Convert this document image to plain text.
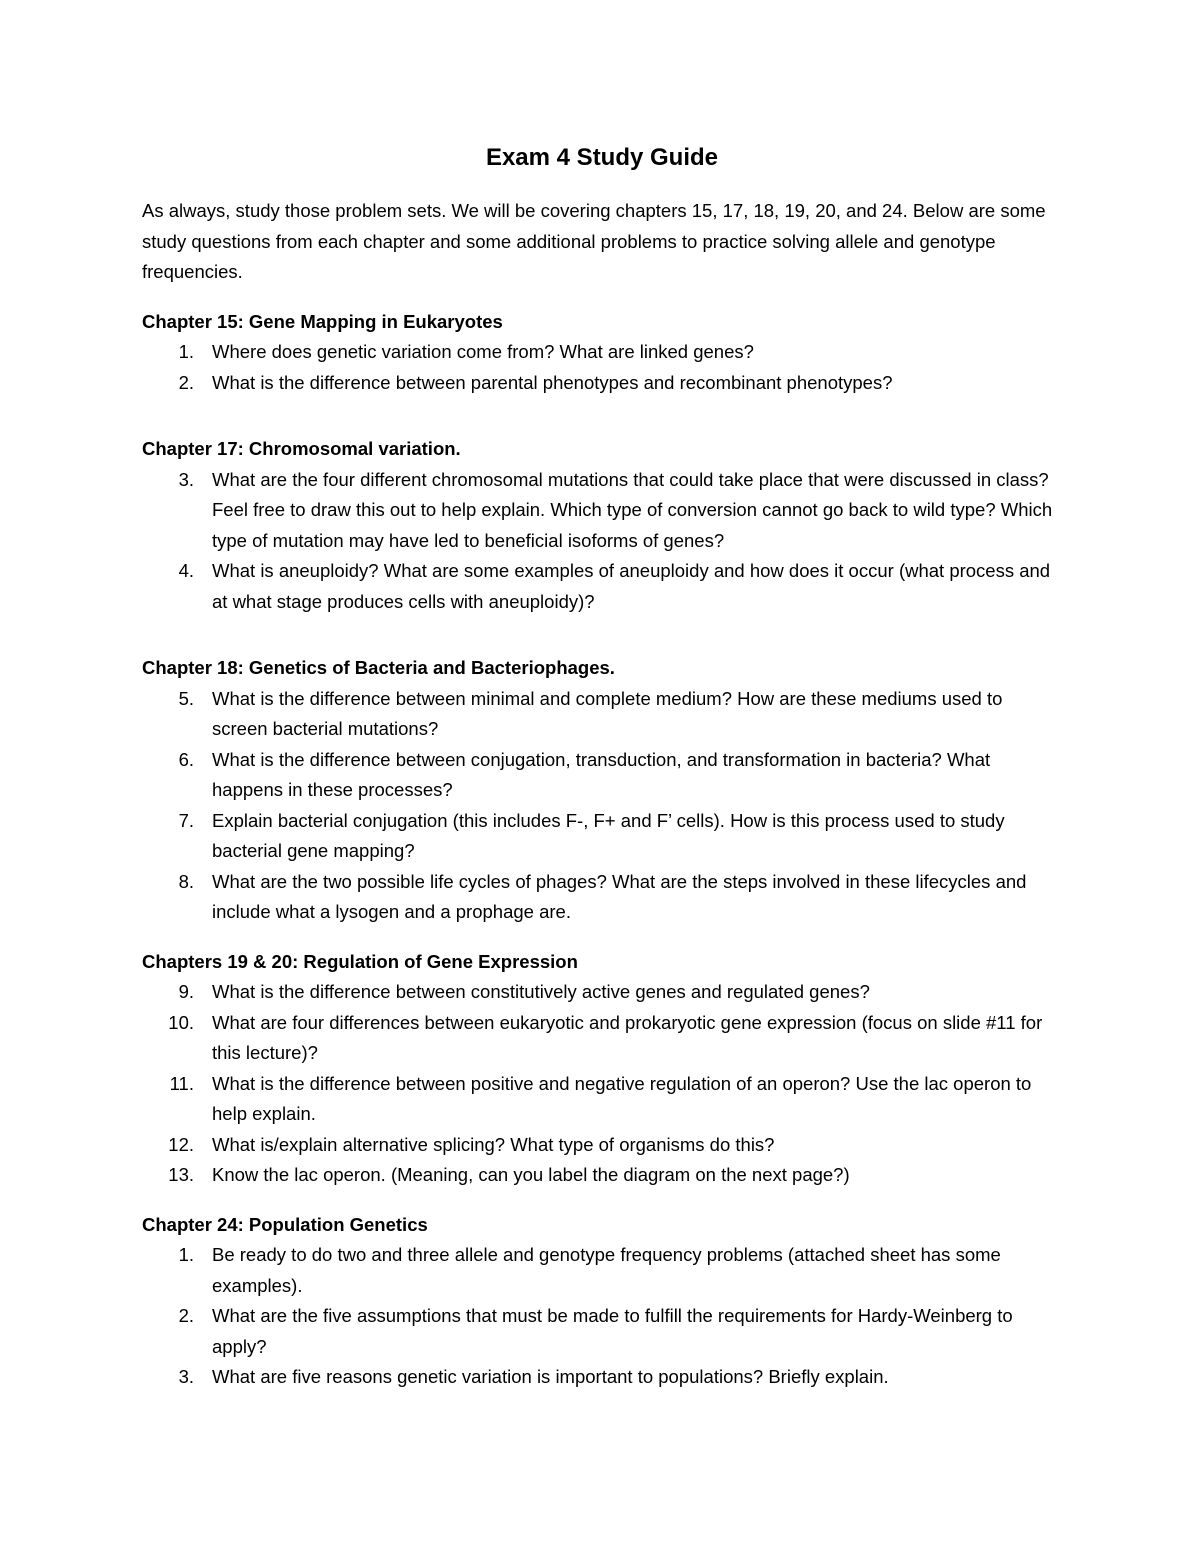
Exam 4 Study Guide
As always, study those problem sets. We will be covering chapters 15, 17, 18, 19, 20, and 24. Below are some study questions from each chapter and some additional problems to practice solving allele and genotype frequencies.
Chapter 15: Gene Mapping in Eukaryotes
1. Where does genetic variation come from? What are linked genes?
2. What is the difference between parental phenotypes and recombinant phenotypes?
Chapter 17: Chromosomal variation.
3. What are the four different chromosomal mutations that could take place that were discussed in class? Feel free to draw this out to help explain. Which type of conversion cannot go back to wild type? Which type of mutation may have led to beneficial isoforms of genes?
4. What is aneuploidy? What are some examples of aneuploidy and how does it occur (what process and at what stage produces cells with aneuploidy)?
Chapter 18: Genetics of Bacteria and Bacteriophages.
5. What is the difference between minimal and complete medium? How are these mediums used to screen bacterial mutations?
6. What is the difference between conjugation, transduction, and transformation in bacteria? What happens in these processes?
7. Explain bacterial conjugation (this includes F-, F+ and F’ cells). How is this process used to study bacterial gene mapping?
8. What are the two possible life cycles of phages? What are the steps involved in these lifecycles and include what a lysogen and a prophage are.
Chapters 19 & 20: Regulation of Gene Expression
9. What is the difference between constitutively active genes and regulated genes?
10. What are four differences between eukaryotic and prokaryotic gene expression (focus on slide #11 for this lecture)?
11. What is the difference between positive and negative regulation of an operon? Use the lac operon to help explain.
12. What is/explain alternative splicing? What type of organisms do this?
13. Know the lac operon. (Meaning, can you label the diagram on the next page?)
Chapter 24: Population Genetics
1. Be ready to do two and three allele and genotype frequency problems (attached sheet has some examples).
2. What are the five assumptions that must be made to fulfill the requirements for Hardy-Weinberg to apply?
3. What are five reasons genetic variation is important to populations? Briefly explain.
